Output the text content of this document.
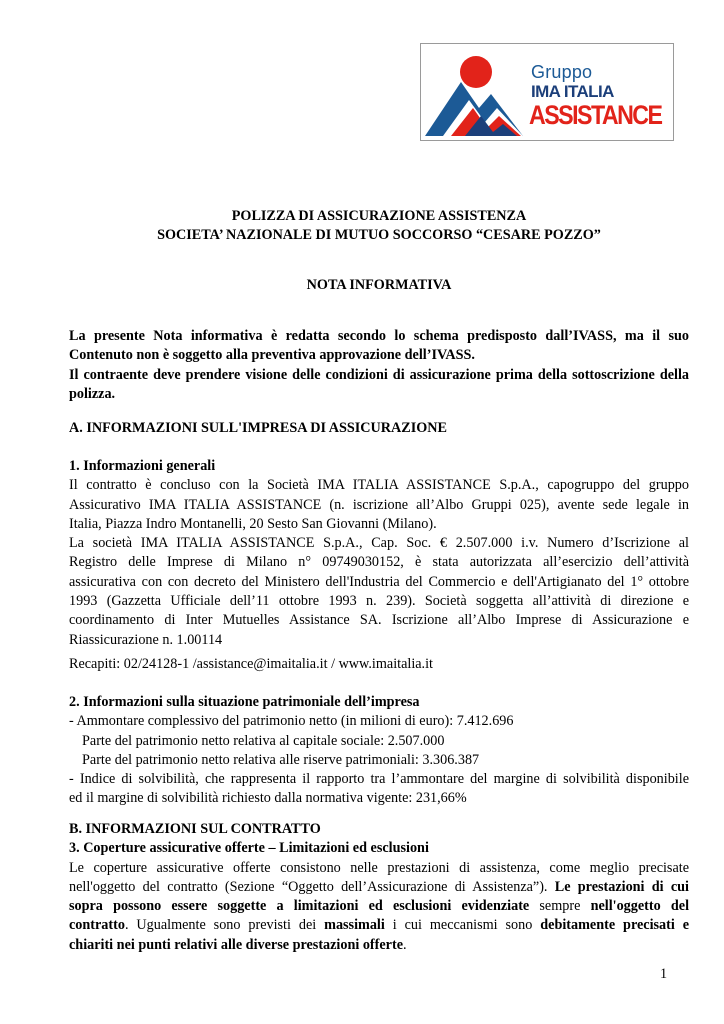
Gruppo
IMA ITALIA
ASSISTANCE
POLIZZA DI ASSICURAZIONE ASSISTENZA
SOCIETA’ NAZIONALE DI MUTUO SOCCORSO “CESARE POZZO”
NOTA INFORMATIVA
La presente Nota informativa è redatta secondo lo schema predisposto dall’IVASS, ma il suo
Contenuto non è soggetto alla preventiva approvazione dell’IVASS.
Il contraente deve prendere visione delle condizioni di assicurazione prima della sottoscrizione della
polizza.
A. INFORMAZIONI SULL'IMPRESA DI ASSICURAZIONE
1. Informazioni generali
Il contratto è concluso con la Società IMA ITALIA ASSISTANCE S.p.A., capogruppo del gruppo
Assicurativo IMA ITALIA ASSISTANCE (n. iscrizione all’Albo Gruppi 025), avente sede legale in
Italia, Piazza Indro Montanelli, 20 Sesto San Giovanni (Milano).
La società IMA ITALIA ASSISTANCE S.p.A., Cap. Soc. € 2.507.000 i.v. Numero d’Iscrizione al
Registro delle Imprese di Milano n° 09749030152, è stata autorizzata all’esercizio dell’attività
assicurativa con con decreto del Ministero dell'Industria del Commercio e dell'Artigianato del 1° ottobre
1993 (Gazzetta Ufficiale dell’11 ottobre 1993 n. 239). Società soggetta all’attività di direzione e
coordinamento di Inter Mutuelles Assistance SA. Iscrizione all’Albo Imprese di Assicurazione e
Riassicurazione n. 1.00114
Recapiti: 02/24128-1 /assistance@imaitalia.it / www.imaitalia.it
2. Informazioni sulla situazione patrimoniale dell’impresa
- Ammontare complessivo del patrimonio netto (in milioni di euro): 7.412.696
Parte del patrimonio netto relativa al capitale sociale: 2.507.000
Parte del patrimonio netto relativa alle riserve patrimoniali: 3.306.387
- Indice di solvibilità, che rappresenta il rapporto tra l’ammontare del margine di solvibilità disponibile
ed il margine di solvibilità richiesto dalla normativa vigente: 231,66%
B. INFORMAZIONI SUL CONTRATTO
3. Coperture assicurative offerte – Limitazioni ed esclusioni
Le coperture assicurative offerte consistono nelle prestazioni di assistenza, come meglio precisate
nell'oggetto del contratto (Sezione “Oggetto dell’Assicurazione di Assistenza”). Le prestazioni di cui
sopra possono essere soggette a limitazioni ed esclusioni evidenziate sempre nell'oggetto del
contratto. Ugualmente sono previsti dei massimali i cui meccanismi sono debitamente precisati e
chiariti nei punti relativi alle diverse prestazioni offerte.
1
